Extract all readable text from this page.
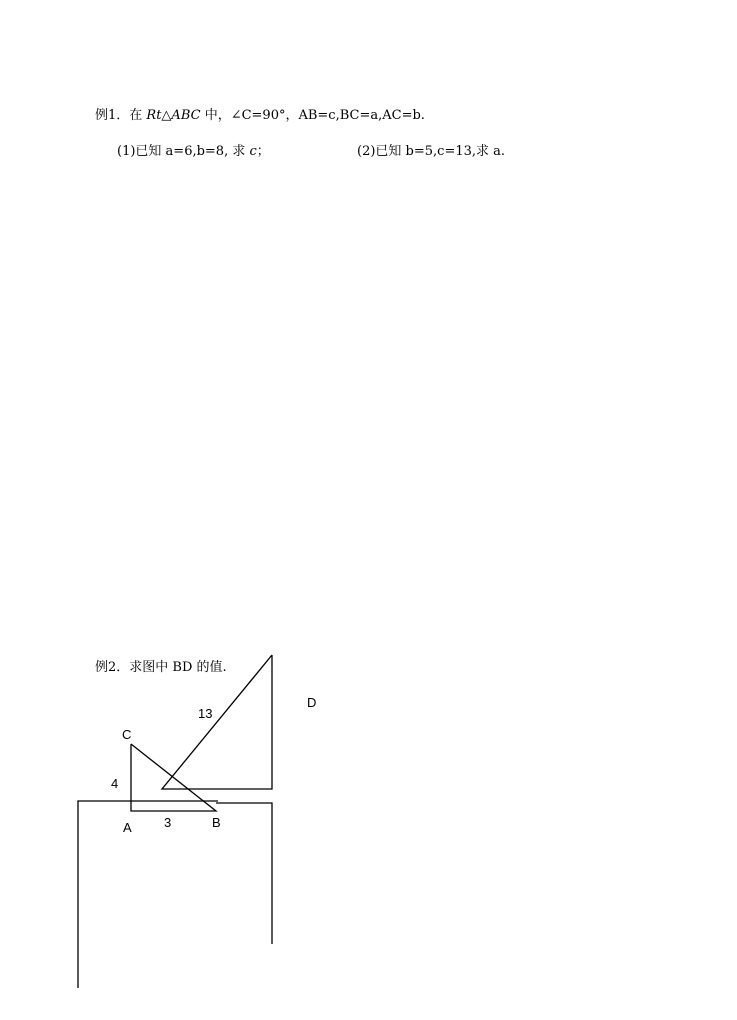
例1．在 Rt△ABC 中，∠C=90°，AB=c,BC=a,AC=b.
(1)已知 a=6,b=8, 求 c；	(2)已知 b=5,c=13,求 a.
例2．求图中 BD 的值.
C
4
A 3	B
13
D
